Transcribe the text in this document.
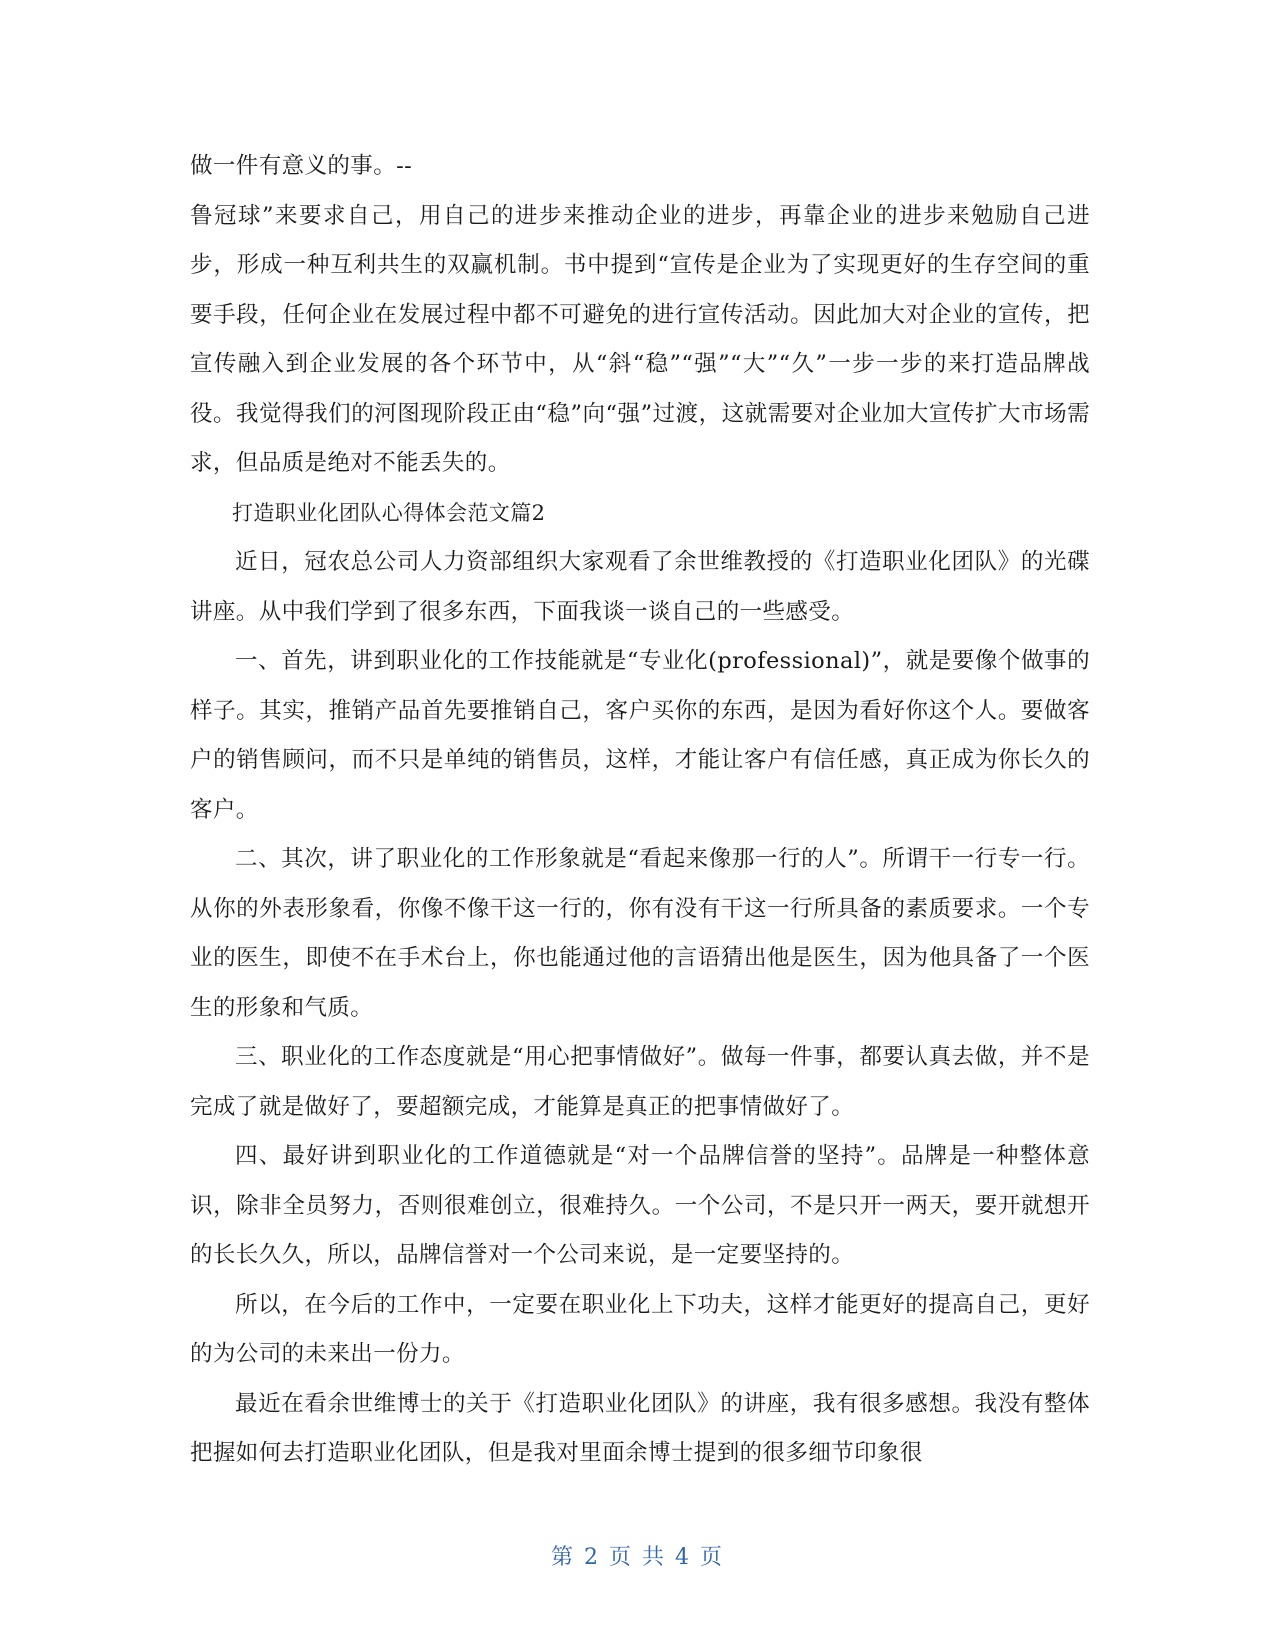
做一件有意义的事。--

鲁冠球”来要求自己，用自己的进步来推动企业的进步，再靠企业的进步来勉励自己进步，形成一种互利共生的双赢机制。书中提到“宣传是企业为了实现更好的生存空间的重要手段，任何企业在发展过程中都不可避免的进行宣传活动。因此加大对企业的宣传，把宣传融入到企业发展的各个环节中，从“斜“稳”“强”“大”“久”一步一步的来打造品牌战役。我觉得我们的河图现阶段正由“稳”向“强”过渡，这就需要对企业加大宣传扩大市场需求，但品质是绝对不能丢失的。

打造职业化团队心得体会范文篇2

近日，冠农总公司人力资部组织大家观看了余世维教授的《打造职业化团队》的光碟讲座。从中我们学到了很多东西，下面我谈一谈自己的一些感受。

一、首先，讲到职业化的工作技能就是“专业化(professional)”，就是要像个做事的样子。其实，推销产品首先要推销自己，客户买你的东西，是因为看好你这个人。要做客户的销售顾问，而不只是单纯的销售员，这样，才能让客户有信任感，真正成为你长久的客户。

二、其次，讲了职业化的工作形象就是“看起来像那一行的人”。所谓干一行专一行。从你的外表形象看，你像不像干这一行的，你有没有干这一行所具备的素质要求。一个专业的医生，即使不在手术台上，你也能通过他的言语猜出他是医生，因为他具备了一个医生的形象和气质。

三、职业化的工作态度就是“用心把事情做好”。做每一件事，都要认真去做，并不是完成了就是做好了，要超额完成，才能算是真正的把事情做好了。

四、最好讲到职业化的工作道德就是“对一个品牌信誉的坚持”。品牌是一种整体意识，除非全员努力，否则很难创立，很难持久。一个公司，不是只开一两天，要开就想开的长长久久，所以，品牌信誉对一个公司来说，是一定要坚持的。

所以，在今后的工作中，一定要在职业化上下功夫，这样才能更好的提高自己，更好的为公司的未来出一份力。

最近在看余世维博士的关于《打造职业化团队》的讲座，我有很多感想。我没有整体把握如何去打造职业化团队，但是我对里面余博士提到的很多细节印象很

第 2 页 共 4 页
